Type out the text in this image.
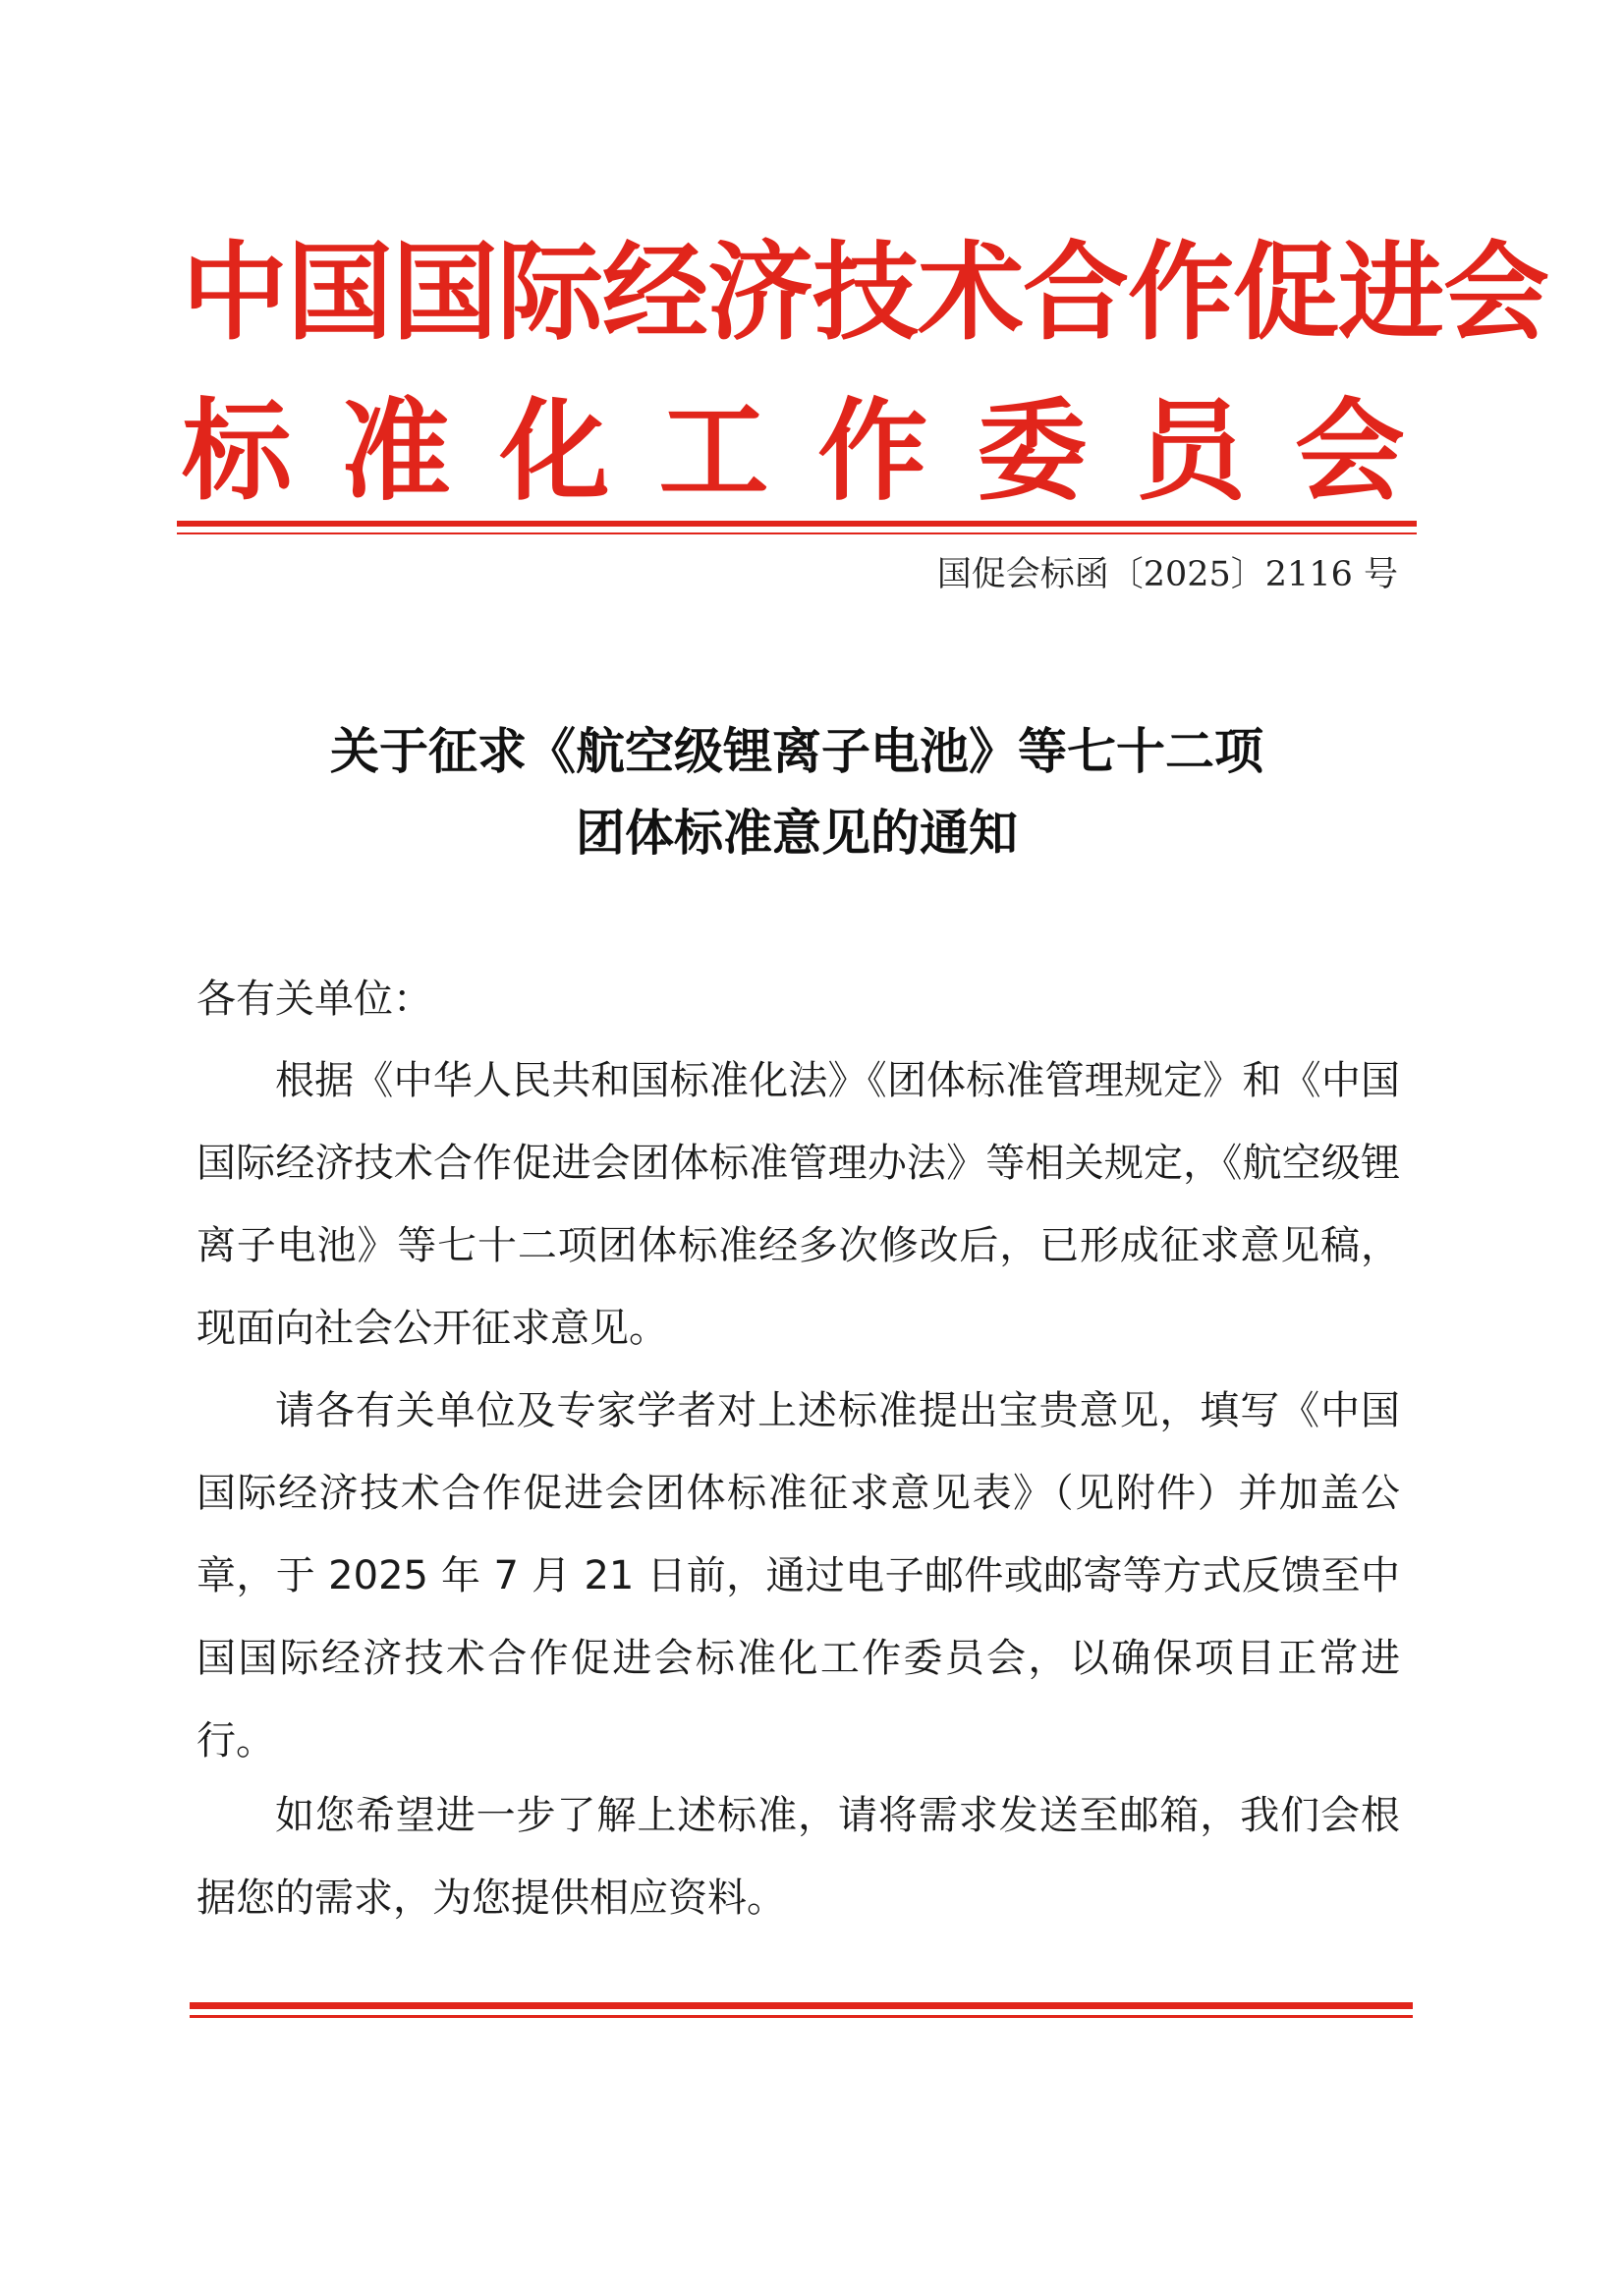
中国国际经济技术合作促进会
标 准 化 工 作 委 员 会
国促会标函〔2025〕2116 号
关于征求《航空级锂离子电池》等七十二项
团体标准意见的通知

各有关单位：

根据《中华人民共和国标准化法》《团体标准管理规定》和《中国国际经济技术合作促进会团体标准管理办法》等相关规定，《航空级锂离子电池》等七十二项团体标准经多次修改后，已形成征求意见稿，现面向社会公开征求意见。

请各有关单位及专家学者对上述标准提出宝贵意见，填写《中国国际经济技术合作促进会团体标准征求意见表》（见附件）并加盖公章，于 2025 年 7 月 21 日前，通过电子邮件或邮寄等方式反馈至中国国际经济技术合作促进会标准化工作委员会，以确保项目正常进行。

如您希望进一步了解上述标准，请将需求发送至邮箱，我们会根据您的需求，为您提供相应资料。
